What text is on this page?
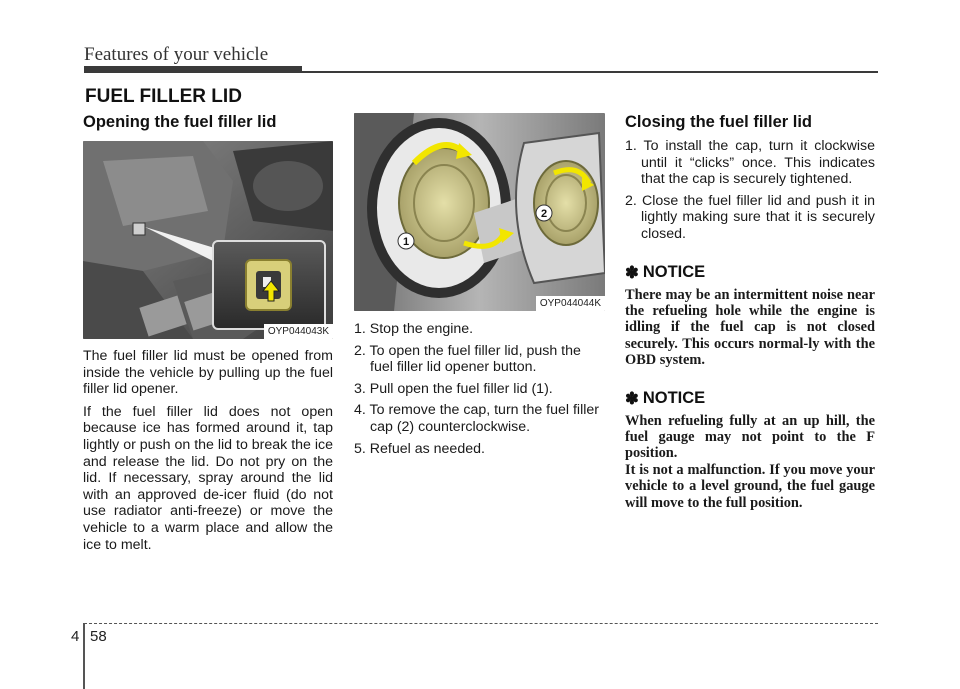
Features of your vehicle
FUEL FILLER LID
Opening the fuel filler lid
OYP044043K

The fuel filler lid must be opened from inside the vehicle by pulling up the fuel filler lid opener.

If the fuel filler lid does not open because ice has formed around it, tap lightly or push on the lid to break the ice and release the lid. Do not pry on the lid. If necessary, spray around the lid with an approved de-icer fluid (do not use radiator anti-freeze) or move the vehicle to a warm place and allow the ice to melt.

1
2
OYP044044K
1. Stop the engine.
2. To open the fuel filler lid, push the fuel filler lid opener button.
3. Pull open the fuel filler lid (1).
4. To remove the cap, turn the fuel filler cap (2) counterclockwise.
5. Refuel as needed.
Closing the fuel filler lid
1. To install the cap, turn it clockwise until it “clicks” once. This indicates that the cap is securely tightened.
2. Close the fuel filler lid and push it in lightly making sure that it is securely closed.
✽ NOTICE

There may be an intermittent noise near the refueling hole while the engine is idling if the fuel cap is not closed securely. This occurs normal-ly with the OBD system.

✽ NOTICE

When refueling fully at an up hill, the fuel gauge may not point to the F position.
It is not a malfunction. If you move your vehicle to a level ground, the fuel gauge will move to the full position.

4 58
